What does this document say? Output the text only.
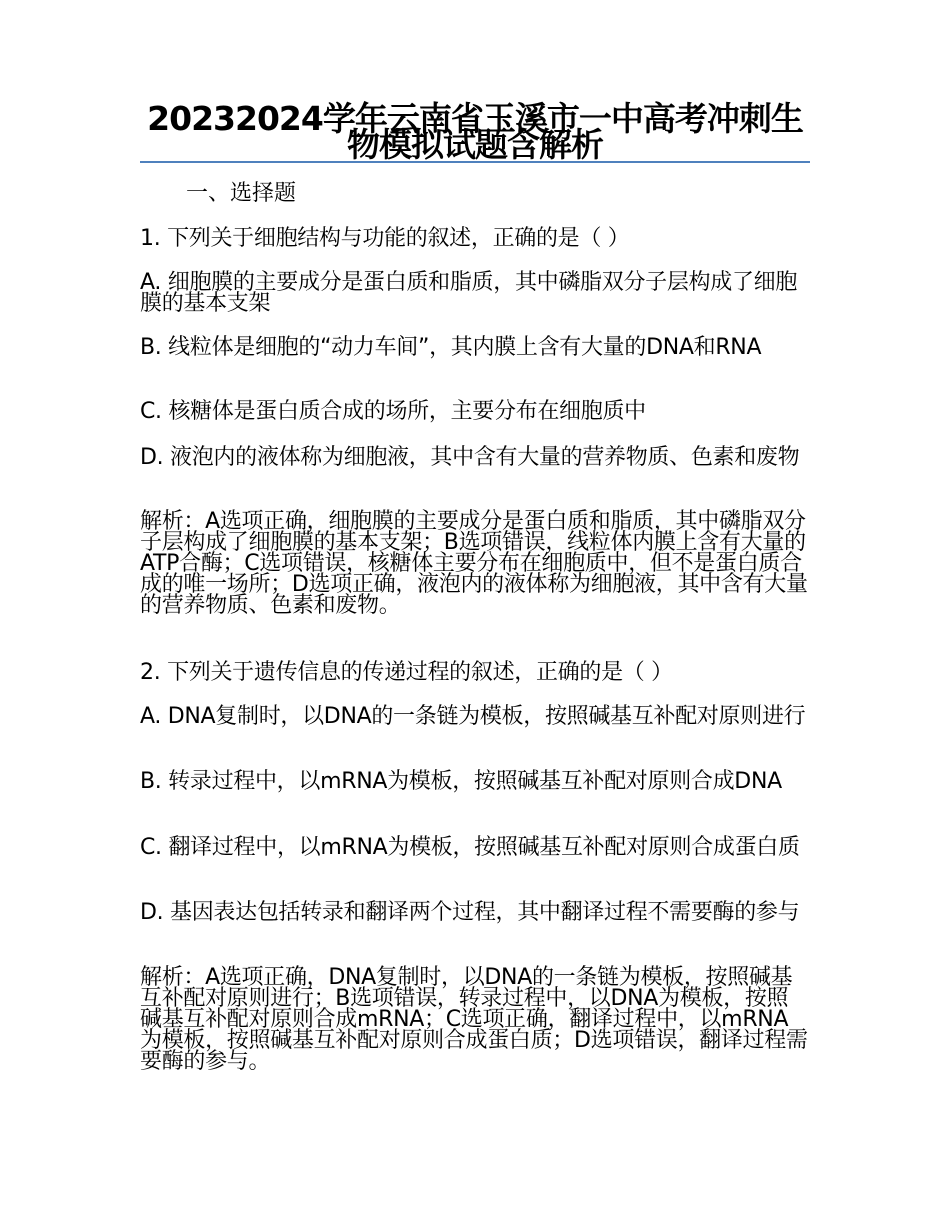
20232024学年云南省玉溪市一中高考冲刺生物模拟试题含解析
一、选择题

1. 下列关于细胞结构与功能的叙述，正确的是（ ）

A. 细胞膜的主要成分是蛋白质和脂质，其中磷脂双分子层构成了细胞膜的基本支架

B. 线粒体是细胞的“动力车间”，其内膜上含有大量的DNA和RNA

C. 核糖体是蛋白质合成的场所，主要分布在细胞质中

D. 液泡内的液体称为细胞液，其中含有大量的营养物质、色素和废物

解析：A选项正确，细胞膜的主要成分是蛋白质和脂质，其中磷脂双分子层构成了细胞膜的基本支架；B选项错误，线粒体内膜上含有大量的ATP合酶；C选项错误，核糖体主要分布在细胞质中，但不是蛋白质合成的唯一场所；D选项正确，液泡内的液体称为细胞液，其中含有大量的营养物质、色素和废物。

2. 下列关于遗传信息的传递过程的叙述，正确的是（ ）

A. DNA复制时，以DNA的一条链为模板，按照碱基互补配对原则进行

B. 转录过程中，以mRNA为模板，按照碱基互补配对原则合成DNA

C. 翻译过程中，以mRNA为模板，按照碱基互补配对原则合成蛋白质

D. 基因表达包括转录和翻译两个过程，其中翻译过程不需要酶的参与

解析：A选项正确，DNA复制时，以DNA的一条链为模板，按照碱基互补配对原则进行；B选项错误，转录过程中，以DNA为模板，按照碱基互补配对原则合成mRNA；C选项正确，翻译过程中，以mRNA为模板，按照碱基互补配对原则合成蛋白质；D选项错误，翻译过程需要酶的参与。
